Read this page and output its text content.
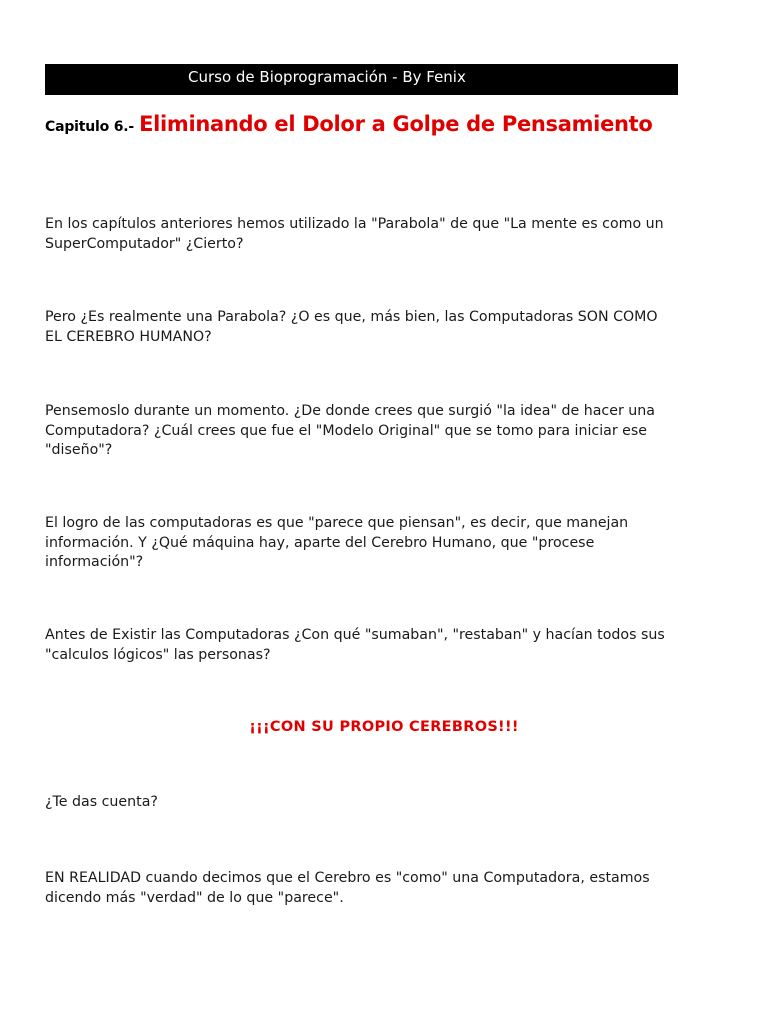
Curso de Bioprogramación - By Fenix
Capitulo 6.- Eliminando el Dolor a Golpe de Pensamiento
En los capítulos anteriores hemos utilizado la "Parabola" de que "La mente es como un
SuperComputador" ¿Cierto?
Pero ¿Es realmente una Parabola? ¿O es que, más bien, las Computadoras SON COMO
EL CEREBRO HUMANO?
Pensemoslo durante un momento. ¿De donde crees que surgió "la idea" de hacer una
Computadora? ¿Cuál crees que fue el "Modelo Original" que se tomo para iniciar ese
"diseño"?
El logro de las computadoras es que "parece que piensan", es decir, que manejan
información. Y ¿Qué máquina hay, aparte del Cerebro Humano, que "procese
información"?
Antes de Existir las Computadoras ¿Con qué "sumaban", "restaban" y hacían todos sus
"calculos lógicos" las personas?
¡¡¡CON SU PROPIO CEREBROS!!!
¿Te das cuenta?
EN REALIDAD cuando decimos que el Cerebro es "como" una Computadora, estamos
dicendo más "verdad" de lo que "parece".
